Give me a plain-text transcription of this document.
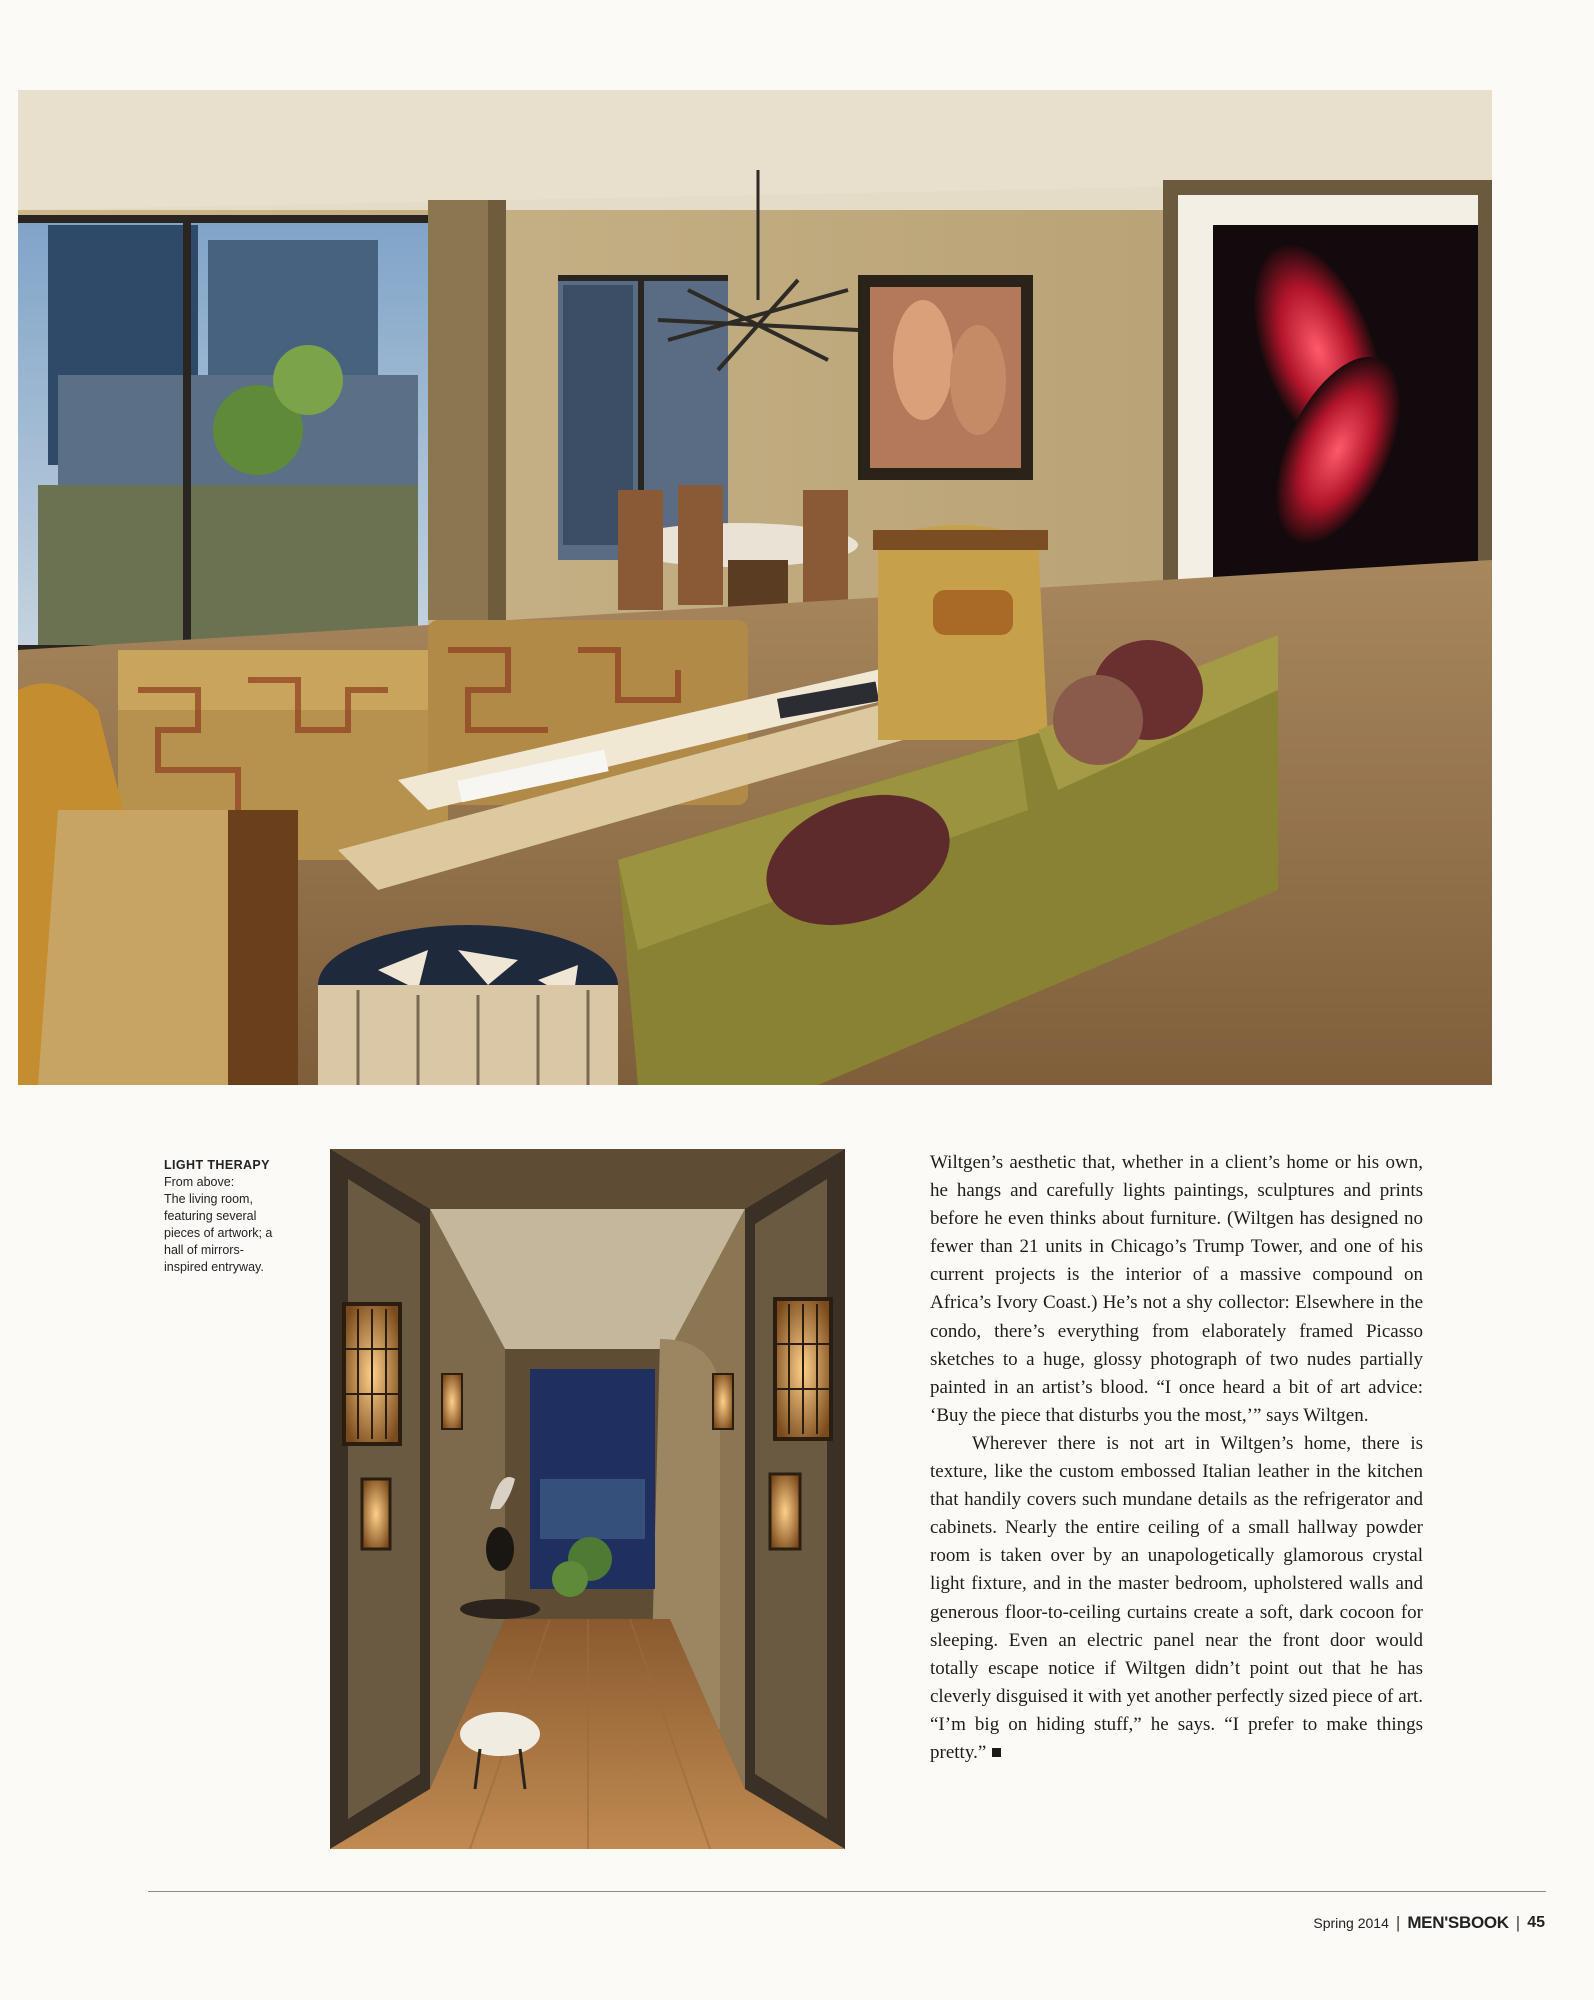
LIGHT THERAPY
From above:
The living room,
featuring several
pieces of artwork; a
hall of mirrors-
inspired entryway.

Wiltgen’s aesthetic that, whether in a client’s home or his own, he hangs and carefully lights paintings, sculptures and prints before he even thinks about furniture. (Wiltgen has designed no fewer than 21 units in Chicago’s Trump Tower, and one of his current projects is the interior of a massive compound on Africa’s Ivory Coast.) He’s not a shy collector: Elsewhere in the condo, there’s everything from elaborately framed Picasso sketches to a huge, glossy photograph of two nudes partially painted in an artist’s blood. “I once heard a bit of art advice: ‘Buy the piece that disturbs you the most,’” says Wiltgen.

Wherever there is not art in Wiltgen’s home, there is texture, like the custom embossed Italian leather in the kitchen that handily covers such mundane details as the refrigerator and cabinets. Nearly the entire ceiling of a small hallway powder room is taken over by an unapologetically glamorous crystal light fixture, and in the master bedroom, upholstered walls and generous floor-to-ceiling curtains create a soft, dark cocoon for sleeping. Even an electric panel near the front door would totally escape notice if Wiltgen didn’t point out that he has cleverly disguised it with yet another perfectly sized piece of art. “I’m big on hiding stuff,” he says. “I prefer to make things pretty.”

Spring 2014 | MEN'SBOOK | 45
